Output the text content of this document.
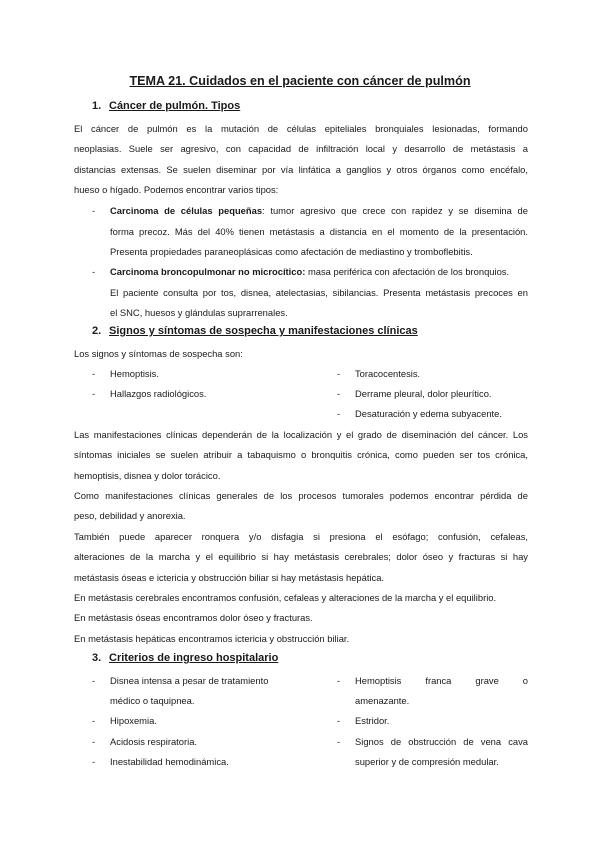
TEMA 21. Cuidados en el paciente con cáncer de pulmón
1. Cáncer de pulmón. Tipos
El cáncer de pulmón es la mutación de células epiteliales bronquiales lesionadas, formando
neoplasias. Suele ser agresivo, con capacidad de infiltración local y desarrollo de metástasis a
distancias extensas. Se suelen diseminar por vía linfática a ganglios y otros órganos como encéfalo,
hueso o hígado. Podemos encontrar varios tipos:
- Carcinoma de células pequeñas: tumor agresivo que crece con rapidez y se disemina de
forma precoz. Más del 40% tienen metástasis a distancia en el momento de la presentación.
Presenta propiedades paraneoplásicas como afectación de mediastino y tromboflebitis.
- Carcinoma broncopulmonar no microcítico: masa periférica con afectación de los bronquios.
El paciente consulta por tos, disnea, atelectasias, sibilancias. Presenta metástasis precoces en
el SNC, huesos y glándulas suprarrenales.
2. Signos y síntomas de sospecha y manifestaciones clínicas
Los signos y síntomas de sospecha son:
- Hemoptisis.
- Hallazgos radiológicos.
- Toracocentesis.
- Derrame pleural, dolor pleurítico.
- Desaturación y edema subyacente.
Las manifestaciones clínicas dependerán de la localización y el grado de diseminación del cáncer. Los
síntomas iniciales se suelen atribuir a tabaquismo o bronquitis crónica, como pueden ser tos crónica,
hemoptisis, disnea y dolor torácico.
Como manifestaciones clínicas generales de los procesos tumorales podemos encontrar pérdida de
peso, debilidad y anorexia.
También puede aparecer ronquera y/o disfagia si presiona el esófago; confusión, cefaleas,
alteraciones de la marcha y el equilibrio si hay metástasis cerebrales; dolor óseo y fracturas si hay
metástasis óseas e ictericia y obstrucción biliar si hay metástasis hepática.
En metástasis cerebrales encontramos confusión, cefaleas y alteraciones de la marcha y el equilibrio.
En metástasis óseas encontramos dolor óseo y fracturas.
En metástasis hepáticas encontramos ictericia y obstrucción biliar.
3. Criterios de ingreso hospitalario
- Disnea intensa a pesar de tratamiento
médico o taquipnea.
- Hipoxemia.
- Acidosis respiratoria.
- Inestabilidad hemodinámica.
- Hemoptisis franca grave o
amenazante.
- Estridor.
- Signos de obstrucción de vena cava
superior y de compresión medular.
